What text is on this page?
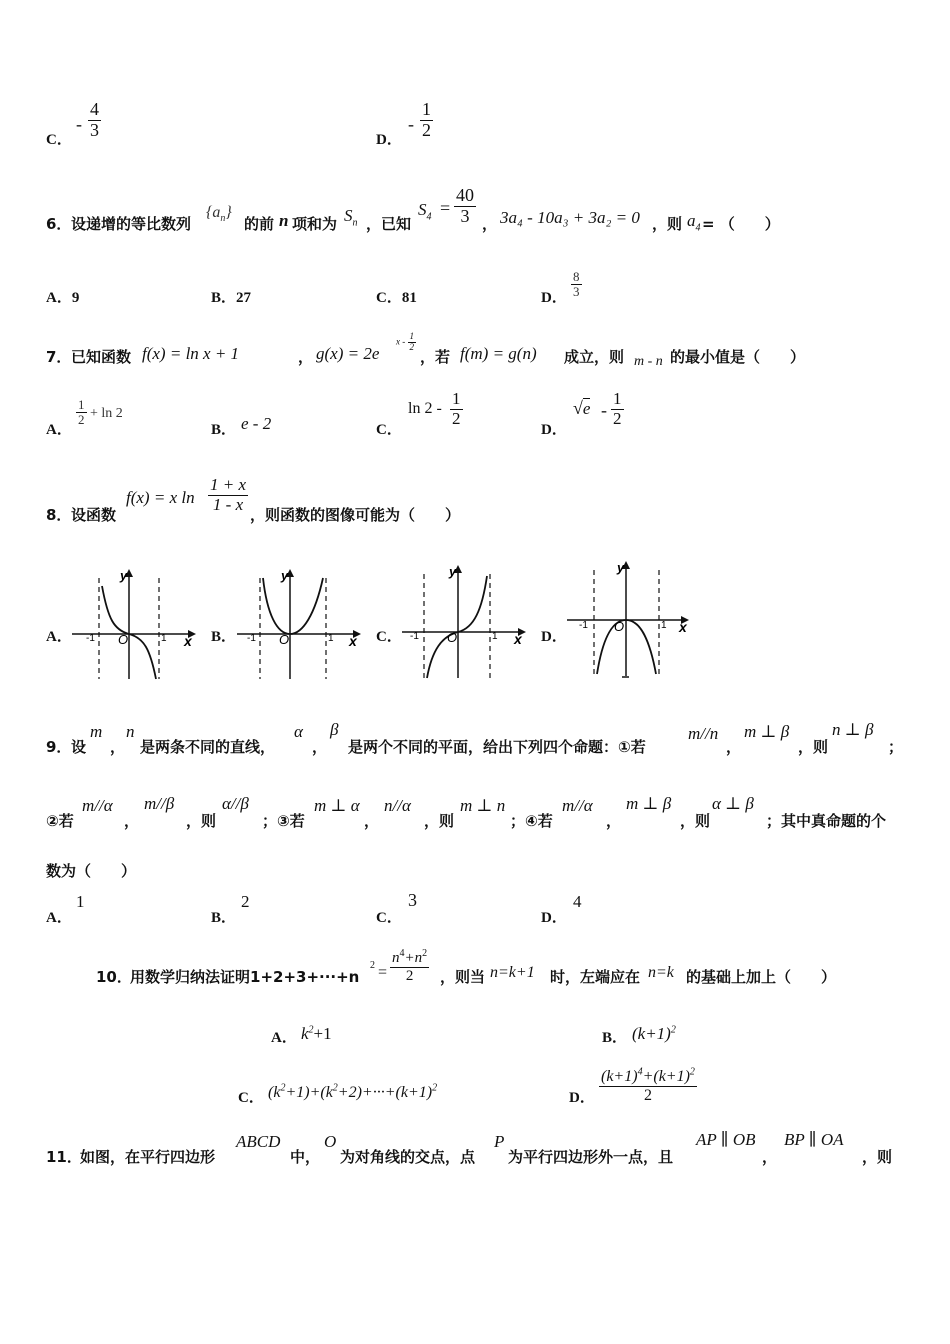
C．
- $\frac{4}{3}$	D．
- $\frac{1}{2}$
6． 设递增的等比数列
$\{a_n\}$
的前 n 项和为 $S_n$ ，已知
$S_4 = \frac{40}{3}$ ， 3a₄ - 10a₃ + 3a₂ = 0 ，则 $a_4$ = （　　）
A．9	B．27	C．81	D． $\frac{8}{3}$
7． 已知函数 f(x) = ln x + 1	， g(x) = 2e
x - $\frac{1}{2}$
，若 f(m) = g(n) 成立，则 m - n 的最小值是（　　）
A．
$\frac{1}{2} + \ln 2$
B． e - 2	C．
$\ln 2 - \frac{1}{2}$
D．
$√e - \frac{1}{2}$
8． 设函数
f(x) = x $\ln \frac{1 + x}{1 - x}$
，则函数的图像可能为（　　）
A．	B．	C．	D．
y
O
-1	1 x
y
O
-1	1 x
y
O
-1	1 x
y
O
-1	1 x
9． 设
m
，
n
是两条不同的直线，
α
，
β
是两个不同的平面，给出下列四个命题：①若
m//n
，
m ⊥ β
，则
n ⊥ β
；
②若
m//α
，
m//β
，则
α//β
；③若
m ⊥ α
，
n//α
，则
m ⊥ n
；④若
m//α
，
m ⊥ β
，则
α ⊥ β
；其中真命题的个
数为（　　）
A．
1
B．
2
C．
3
D．
4
10．
用数学归纳法证明1+2+3+···+n
$2 = \frac{n^4+n^2}{2}$ ，则当 n=k+1 时，左端应在 n=k 的基础上加上（　　）
A． $k^2+1$	B． $(k+1)^2$
C． $(k^2+1)+(k^2+2)+\cdot\cdot\cdot+(k+1)^2$
D． $\frac{(k+1)^4+(k+1)^2}{2}$
11．
如图，在平行四边形
ABCD
中，
O
为对角线的交点，点
P
为平行四边形外一点，且
AP ∥ OB
，
BP ∥ OA
，则
